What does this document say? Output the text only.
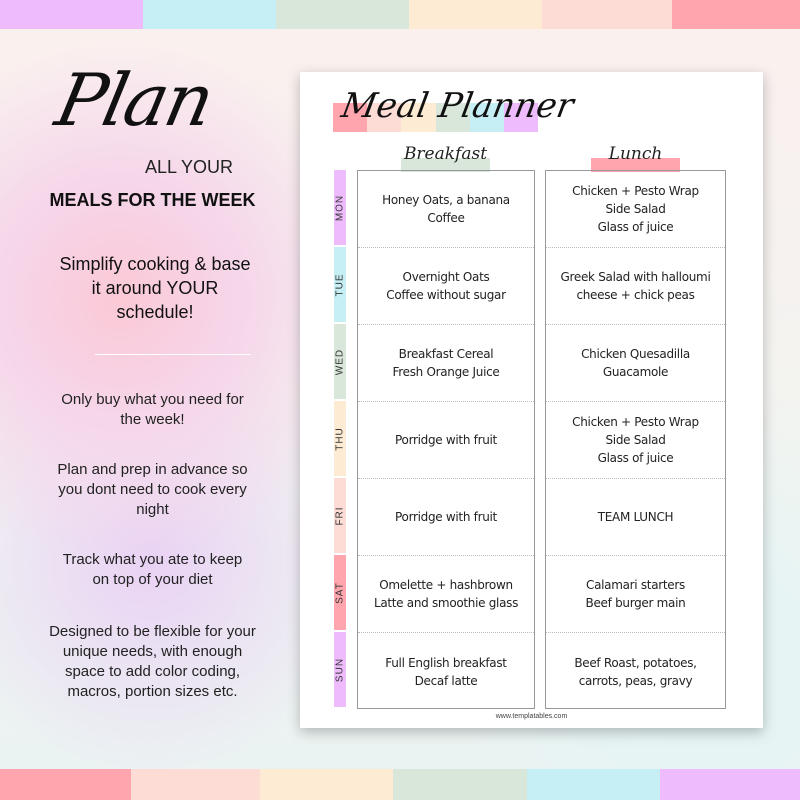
Plan
ALL YOUR
MEALS FOR THE WEEK
Simplify cooking & base it around YOUR schedule!
Only buy what you need for the week!
Plan and prep in advance so you dont need to cook every night
Track what you ate to keep on top of your diet
Designed to be flexible for your unique needs, with enough space to add color coding, macros, portion sizes etc.
Meal Planner
Breakfast	Lunch
MON
TUE
WED
THU
FRI
SAT
SUN
Honey Oats, a banana
Coffee
Overnight Oats
Coffee without sugar
Breakfast Cereal
Fresh Orange Juice
Porridge with fruit
Porridge with fruit
Omelette + hashbrown
Latte and smoothie glass
Full English breakfast
Decaf latte
Chicken + Pesto Wrap
Side Salad
Glass of juice
Greek Salad with halloumi
cheese + chick peas
Chicken Quesadilla
Guacamole
Chicken + Pesto Wrap
Side Salad
Glass of juice
TEAM LUNCH
Calamari starters
Beef burger main
Beef Roast, potatoes,
carrots, peas, gravy
www.templatables.com
